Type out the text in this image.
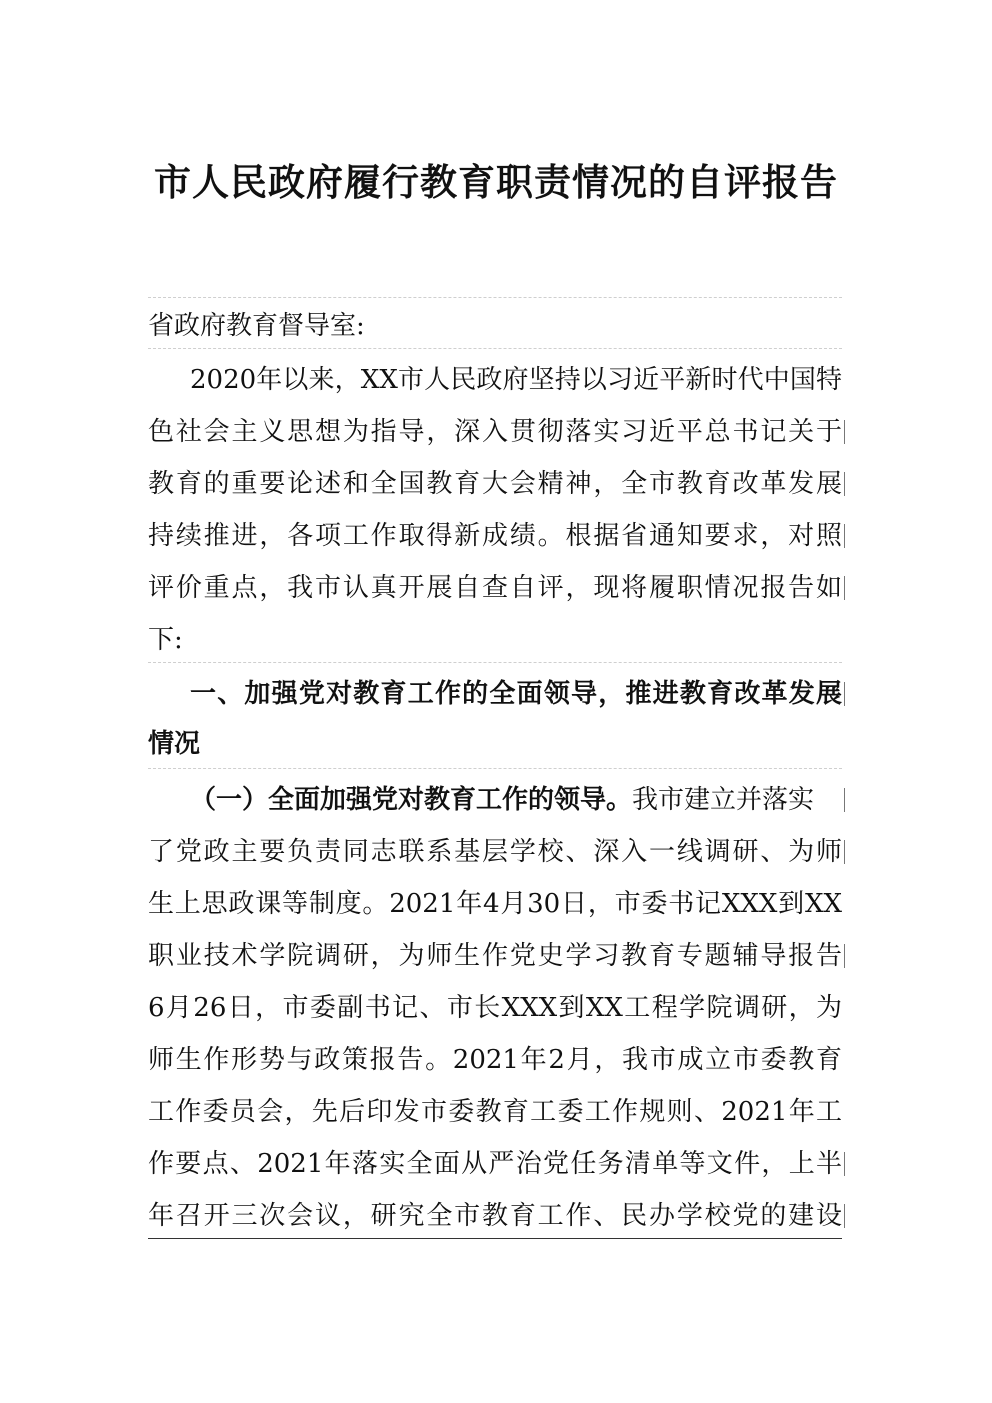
市人民政府履行教育职责情况的自评报告
省政府教育督导室:
2020年以来，XX市人民政府坚持以习近平新时代中国特
色社会主义思想为指导，深入贯彻落实习近平总书记关于
教育的重要论述和全国教育大会精神，全市教育改革发展
持续推进，各项工作取得新成绩。根据省通知要求，对照
评价重点，我市认真开展自查自评，现将履职情况报告如
下:
一、加强党对教育工作的全面领导，推进教育改革发展
情况
（一）全面加强党对教育工作的领导。我市建立并落实
了党政主要负责同志联系基层学校、深入一线调研、为师
生上思政课等制度。2021年4月30日，市委书记XXX到XX
职业技术学院调研，为师生作党史学习教育专题辅导报告
6月26日，市委副书记、市长XXX到XX工程学院调研，为
师生作形势与政策报告。2021年2月，我市成立市委教育
工作委员会，先后印发市委教育工委工作规则、2021年工
作要点、2021年落实全面从严治党任务清单等文件，上半
年召开三次会议，研究全市教育工作、民办学校党的建设
